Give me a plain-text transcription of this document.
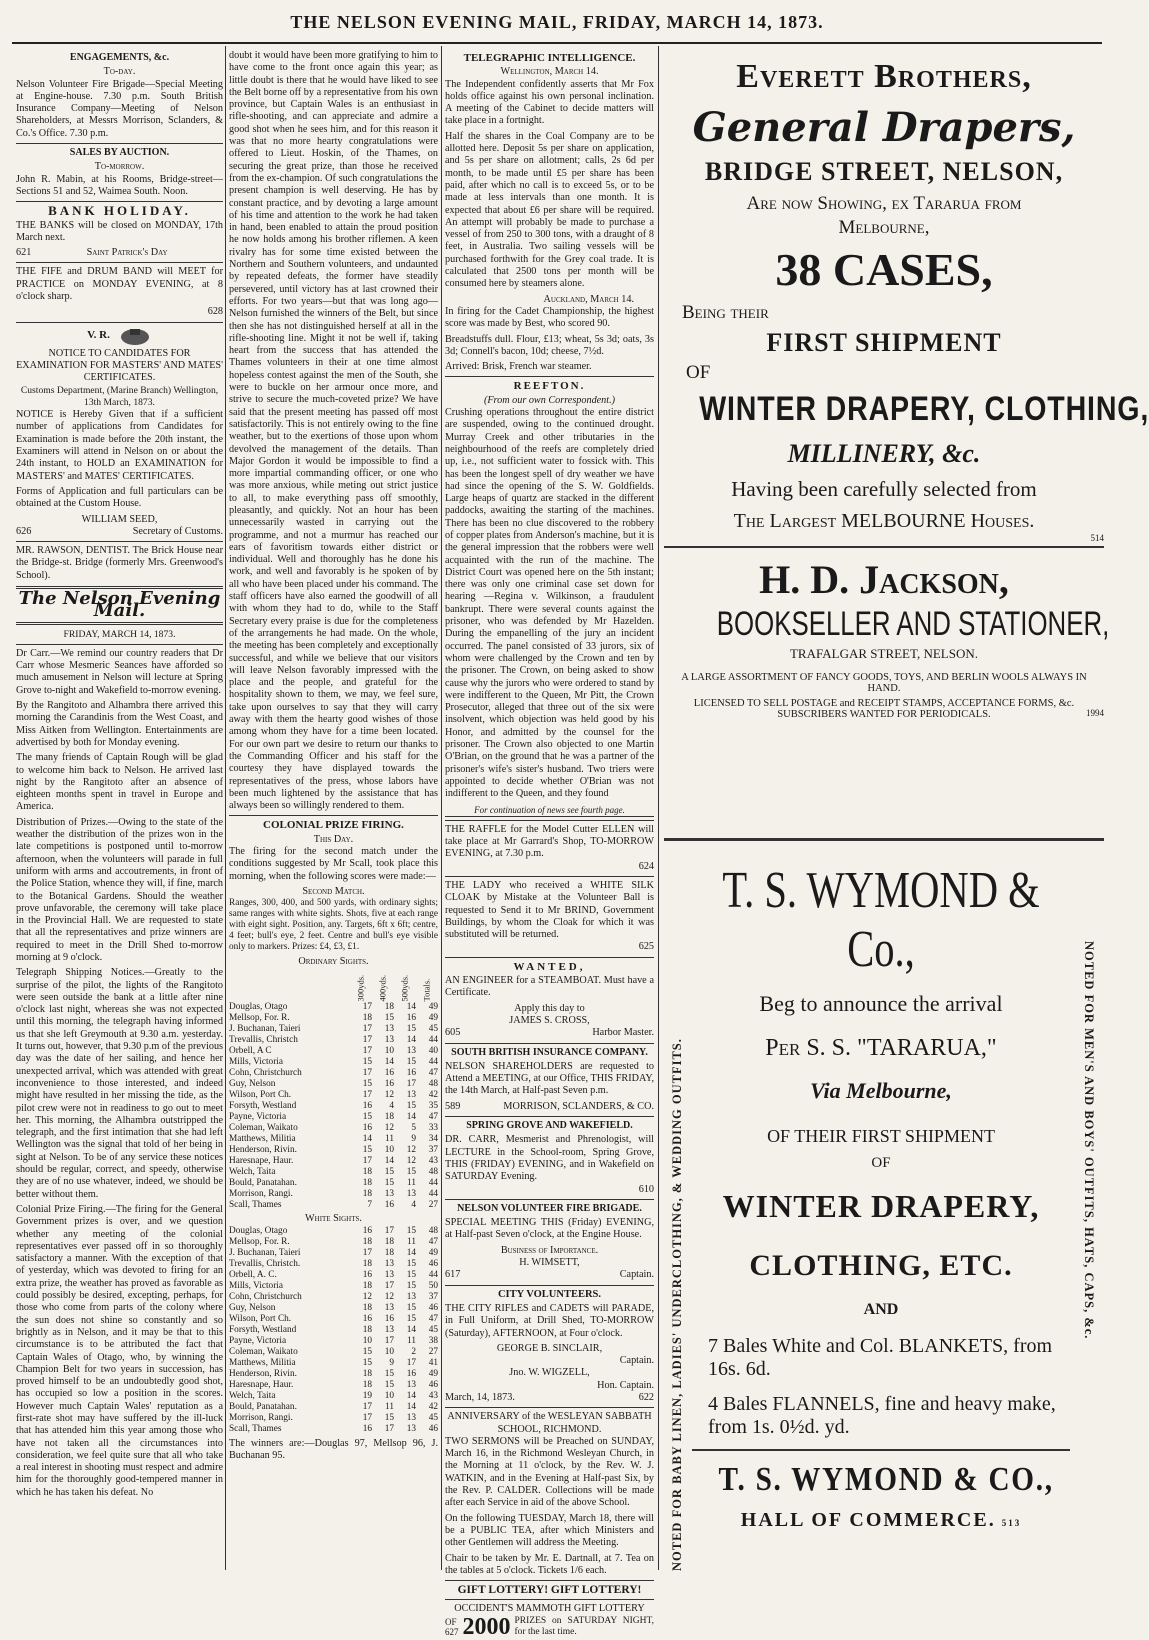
THE NELSON EVENING MAIL, FRIDAY, MARCH 14, 1873.
ENGAGEMENTS, &c.
To-day.

Nelson Volunteer Fire Brigade—Special Meeting at Engine-house. 7.30 p.m. South British Insurance Company—Meeting of Nelson Shareholders, at Messrs Morrison, Sclanders, & Co.'s Office. 7.30 p.m.

SALES BY AUCTION.
To-morrow.

John R. Mabin, at his Rooms, Bridge-street—Sections 51 and 52, Waimea South. Noon.

BANK HOLIDAY.

THE BANKS will be closed on MONDAY, 17th March next.

621	Saint Patrick's Day

THE FIFE and DRUM BAND will MEET for PRACTICE on MONDAY EVENING, at 8 o'clock sharp.

628
V. R.
NOTICE TO CANDIDATES FOR EXAMINATION FOR MASTERS' AND MATES' CERTIFICATES.
Customs Department, (Marine Branch) Wellington, 13th March, 1873.

NOTICE is Hereby Given that if a sufficient number of applications from Candidates for Examination is made before the 20th instant, the Examiners will attend in Nelson on or about the 24th instant, to HOLD an EXAMINATION for MASTERS' and MATES' CERTIFICATES.

Forms of Application and full particulars can be obtained at the Custom House.

WILLIAM SEED,
626	Secretary of Customs.

MR. RAWSON, DENTIST. The Brick House near the Bridge-st. Bridge (formerly Mrs. Greenwood's School).

The Nelson Evening Mail.
FRIDAY, MARCH 14, 1873.

Dr Carr.—We remind our country readers that Dr Carr whose Mesmeric Seances have afforded so much amusement in Nelson will lecture at Spring Grove to-night and Wakefield to-morrow evening.

By the Rangitoto and Alhambra there arrived this morning the Carandinis from the West Coast, and Miss Aitken from Wellington. Entertainments are advertised by both for Monday evening.

The many friends of Captain Rough will be glad to welcome him back to Nelson. He arrived last night by the Rangitoto after an absence of eighteen months spent in travel in Europe and America.

Distribution of Prizes.—Owing to the state of the weather the distribution of the prizes won in the late competitions is postponed until to-morrow afternoon, when the volunteers will parade in full uniform with arms and accoutrements, in front of the Police Station, whence they will, if fine, march to the Botanical Gardens. Should the weather prove unfavorable, the ceremony will take place in the Provincial Hall. We are requested to state that all the representatives and prize winners are required to meet in the Drill Shed to-morrow morning at 9 o'clock.

Telegraph Shipping Notices.—Greatly to the surprise of the pilot, the lights of the Rangitoto were seen outside the bank at a little after nine o'clock last night, whereas she was not expected until this morning, the telegraph having informed us that she left Greymouth at 9.30 a.m. yesterday. It turns out, however, that 9.30 p.m of the previous day was the date of her sailing, and hence her unexpected arrival, which was attended with great inconvenience to those interested, and indeed might have resulted in her missing the tide, as the pilot crew were not in readiness to go out to meet her. This morning, the Alhambra outstripped the telegraph, and the first intimation that she had left Wellington was the signal that told of her being in sight at Nelson. To be of any service these notices should be regular, correct, and speedy, otherwise they are of no use whatever, indeed, we should be better without them.

Colonial Prize Firing.—The firing for the General Government prizes is over, and we question whether any meeting of the colonial representatives ever passed off in so thoroughly satisfactory a manner. With the exception of that of yesterday, which was devoted to firing for an extra prize, the weather has proved as favorable as could possibly be desired, excepting, perhaps, for those who come from parts of the colony where the sun does not shine so constantly and so brightly as in Nelson, and it may be that to this circumstance is to be attributed the fact that Captain Wales of Otago, who, by winning the Champion Belt for two years in succession, has proved himself to be an undoubtedly good shot, has occupied so low a position in the scores. However much Captain Wales' reputation as a first-rate shot may have suffered by the ill-luck that has attended him this year among those who have not taken all the circumstances into consideration, we feel quite sure that all who take a real interest in shooting must respect and admire him for the thoroughly good-tempered manner in which he has taken his defeat. No

doubt it would have been more gratifying to him to have come to the front once again this year; as little doubt is there that he would have liked to see the Belt borne off by a representative from his own province, but Captain Wales is an enthusiast in rifle-shooting, and can appreciate and admire a good shot when he sees him, and for this reason it was that no more hearty congratulations were offered to Lieut. Hoskin, of the Thames, on securing the great prize, than those he received from the ex-champion. Of such congratulations the present champion is well deserving. He has by constant practice, and by devoting a large amount of his time and attention to the work he had taken in hand, been enabled to attain the proud position he now holds among his brother riflemen. A keen rivalry has for some time existed between the Northern and Southern volunteers, and undaunted by repeated defeats, the former have steadily persevered, until victory has at last crowned their efforts. For two years—but that was long ago—Nelson furnished the winners of the Belt, but since then she has not distinguished herself at all in the rifle-shooting line. Might it not be well if, taking heart from the success that has attended the Thames volunteers in their at one time almost hopeless contest against the men of the South, she were to buckle on her armour once more, and strive to secure the much-coveted prize? We have said that the present meeting has passed off most satisfactorily. This is not entirely owing to the fine weather, but to the exertions of those upon whom devolved the management of the details. Than Major Gordon it would be impossible to find a more impartial commanding officer, or one who was more anxious, while meting out strict justice to all, to make everything pass off smoothly, pleasantly, and quickly. Not an hour has been unnecessarily wasted in carrying out the programme, and not a murmur has reached our ears of favoritism towards either district or individual. Well and thoroughly has he done his work, and well and favorably is he spoken of by all who have been placed under his command. The staff officers have also earned the goodwill of all with whom they had to do, while to the Staff Secretary every praise is due for the completeness of the arrangements he had made. On the whole, the meeting has been completely and exceptionally successful, and while we believe that our visitors will leave Nelson favorably impressed with the place and the people, and grateful for the hospitality shown to them, we may, we feel sure, take upon ourselves to say that they will carry away with them the hearty good wishes of those among whom they have for a time been located. For our own part we desire to return our thanks to the Commanding Officer and his staff for the courtesy they have displayed towards the representatives of the press, whose labors have been much lightened by the assistance that has always been so willingly rendered to them.

COLONIAL PRIZE FIRING.
This Day.

The firing for the second match under the conditions suggested by Mr Scall, took place this morning, when the following scores were made:—

Second Match.

Ranges, 300, 400, and 500 yards, with ordinary sights; same ranges with white sights. Shots, five at each range with eight sight. Position, any. Targets, 6ft x 6ft; centre, 4 feet; bull's eye, 2 feet. Centre and bull's eye visible only to markers. Prizes: £4, £3, £1.

Ordinary Sights.

	300yds.	400yds.	500yds.	Totals.

Douglas, Otago	17	18	14	49
Mellsop, For. R.	18	15	16	49
J. Buchanan, Taieri	17	13	15	45
Trevallis, Christch	17	13	14	44
Orbell, A C	17	10	13	40
Mills, Victoria	15	14	15	44
Cohn, Christchurch	17	16	16	47
Guy, Nelson	15	16	17	48
Wilson, Port Ch.	17	12	13	42
Forsyth, Westland	16	4	15	35
Payne, Victoria	15	18	14	47
Coleman, Waikato	16	12	5	33
Matthews, Militia	14	11	9	34
Henderson, Rivin.	15	10	12	37
Haresnape, Haur.	17	14	12	43
Welch, Taita	18	15	15	48
Bould, Panatahan.	18	15	11	44
Morrison, Rangi.	18	13	13	44
Scall, Thames	7	16	4	27
White Sights.
Douglas, Otago	16	17	15	48
Mellsop, For. R.	18	18	11	47
J. Buchanan, Taieri	17	18	14	49
Trevallis, Christch.	18	13	15	46
Orbell, A. C.	16	13	15	44
Mills, Victoria	18	17	15	50
Cohn, Christchurch	12	12	13	37
Guy, Nelson	18	13	15	46
Wilson, Port Ch.	16	16	15	47
Forsyth, Westland	18	13	14	45
Payne, Victoria	10	17	11	38
Coleman, Waikato	15	10	2	27
Matthews, Militia	15	9	17	41
Henderson, Rivin.	18	15	16	49
Haresnape, Haur.	18	15	13	46
Welch, Taita	19	10	14	43
Bould, Panatahan.	17	11	14	42
Morrison, Rangi.	17	15	13	45
Scall, Thames	16	17	13	46

The winners are:—Douglas 97, Mellsop 96, J. Buchanan 95.

TELEGRAPHIC INTELLIGENCE.
Wellington, March 14.

The Independent confidently asserts that Mr Fox holds office against his own personal inclination. A meeting of the Cabinet to decide matters will take place in a fortnight.

Half the shares in the Coal Company are to be allotted here. Deposit 5s per share on application, and 5s per share on allotment; calls, 2s 6d per month, to be made until £5 per share has been paid, after which no call is to exceed 5s, or to be made at less intervals than one month. It is expected that about £6 per share will be required. An attempt will probably be made to purchase a vessel of from 250 to 300 tons, with a draught of 8 feet, in Australia. Two sailing vessels will be purchased forthwith for the Grey coal trade. It is calculated that 2500 tons per month will be consumed here by steamers alone.

Auckland, March 14.

In firing for the Cadet Championship, the highest score was made by Best, who scored 90.

Breadstuffs dull. Flour, £13; wheat, 5s 3d; oats, 3s 3d; Connell's bacon, 10d; cheese, 7½d.

Arrived: Brisk, French war steamer.

REEFTON.
(From our own Correspondent.)

Crushing operations throughout the entire district are suspended, owing to the continued drought. Murray Creek and other tributaries in the neighbourhood of the reefs are completely dried up, i.e., not sufficient water to fossick with. This has been the longest spell of dry weather we have had since the opening of the S. W. Goldfields. Large heaps of quartz are stacked in the different paddocks, awaiting the starting of the machines. There has been no clue discovered to the robbery of copper plates from Anderson's machine, but it is the general impression that the robbers were well acquainted with the run of the machine. The District Court was opened here on the 5th instant; there was only one criminal case set down for hearing —Regina v. Wilkinson, a fraudulent bankrupt. There were several counts against the prisoner, who was defended by Mr Hazelden. During the empanelling of the jury an incident occurred. The panel consisted of 33 jurors, six of whom were challenged by the Crown and ten by the prisoner. The Crown, on being asked to show cause why the jurors who were ordered to stand by were indifferent to the Queen, Mr Pitt, the Crown Prosecutor, alleged that three out of the six were insolvent, which objection was held good by his Honor, and admitted by the counsel for the prisoner. The Crown also objected to one Martin O'Brian, on the ground that he was a partner of the prisoner's wife's sister's husband. Two triers were appointed to decide whether O'Brian was not indifferent to the Queen, and they found

For continuation of news see fourth page.

THE RAFFLE for the Model Cutter ELLEN will take place at Mr Garrard's Shop, TO-MORROW EVENING, at 7.30 p.m.

624

THE LADY who received a WHITE SILK CLOAK by Mistake at the Volunteer Ball is requested to Send it to Mr BRIND, Government Buildings, by whom the Cloak for which it was substituted will be returned.

625
WANTED,

AN ENGINEER for a STEAMBOAT. Must have a Certificate.

Apply this day to
JAMES S. CROSS,
605	Harbor Master.
SOUTH BRITISH INSURANCE COMPANY.

NELSON SHAREHOLDERS are requested to Attend a MEETING, at our Office, THIS FRIDAY, the 14th March, at Half-past Seven p.m.

589	MORRISON, SCLANDERS, & CO.
SPRING GROVE AND WAKEFIELD.

DR. CARR, Mesmerist and Phrenologist, will LECTURE in the School-room, Spring Grove, THIS (FRIDAY) EVENING, and in Wakefield on SATURDAY Evening.

610
NELSON VOLUNTEER FIRE BRIGADE.

SPECIAL MEETING THIS (Friday) EVENING, at Half-past Seven o'clock, at the Engine House.

Business of Importance.
H. WIMSETT,
617	Captain.
CITY VOLUNTEERS.

THE CITY RIFLES and CADETS will PARADE, in Full Uniform, at Drill Shed, TO-MORROW (Saturday), AFTERNOON, at Four o'clock.

GEORGE B. SINCLAIR,
Captain.
Jno. W. WIGZELL,
Hon. Captain.
March, 14, 1873.	622
ANNIVERSARY of the WESLEYAN SABBATH SCHOOL, RICHMOND.

TWO SERMONS will be Preached on SUNDAY, March 16, in the Richmond Wesleyan Church, in the Morning at 11 o'clock, by the Rev. W. J. WATKIN, and in the Evening at Half-past Six, by the Rev. P. CALDER. Collections will be made after each Service in aid of the above School.

On the following TUESDAY, March 18, there will be a PUBLIC TEA, after which Ministers and other Gentlemen will address the Meeting.

Chair to be taken by Mr. E. Dartnall, at 7. Tea on the tables at 5 o'clock. Tickets 1/6 each.

GIFT LOTTERY! GIFT LOTTERY!
OCCIDENT'S MAMMOTH GIFT LOTTERY
OF
627 2000 PRIZES on SATURDAY NIGHT, for the last time.
Everett Brothers,
General Drapers,
BRIDGE STREET, NELSON,
Are now Showing, ex Tararua from
Melbourne,
38 CASES,
Being their
FIRST SHIPMENT
OF
WINTER DRAPERY, CLOTHING,
MILLINERY, &c.
Having been carefully selected from
The Largest MELBOURNE Houses.
514
H. D. Jackson,
BOOKSELLER AND STATIONER,
TRAFALGAR STREET, NELSON.
A LARGE ASSORTMENT OF FANCY GOODS, TOYS, AND BERLIN WOOLS ALWAYS IN HAND.
LICENSED TO SELL POSTAGE and RECEIPT STAMPS, ACCEPTANCE FORMS, &c. SUBSCRIBERS WANTED FOR PERIODICALS.	1994
NOTED FOR BABY LINEN, LADIES' UNDERCLOTHING, & WEDDING OUTFITS.	NOTED FOR MEN'S AND BOYS' OUTFITS, HATS, CAPS, &c.
T. S. WYMOND & Co.,
Beg to announce the arrival
Per S. S. "TARARUA,"
Via Melbourne,
OF THEIR FIRST SHIPMENT
OF
WINTER DRAPERY,
CLOTHING, ETC.
AND
7 Bales White and Col. BLANKETS, from 16s. 6d.
4 Bales FLANNELS, fine and heavy make, from 1s. 0½d. yd.
T. S. WYMOND & CO.,
HALL OF COMMERCE. 513
